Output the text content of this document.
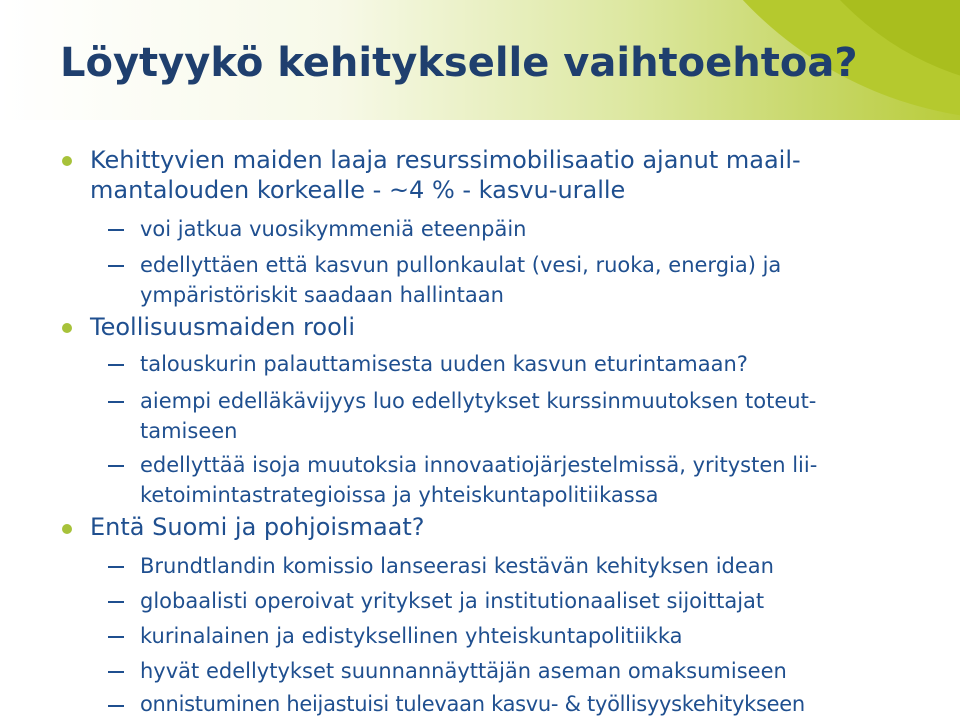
Löytyykö kehitykselle vaihtoehtoa?

Kehittyvien maiden laaja resurssimobilisaatio ajanut maail-
mantalouden korkealle - ~4 % - kasvu-uralle

voi jatkua vuosikymmeniä eteenpäin

edellyttäen että kasvun pullonkaulat (vesi, ruoka, energia) ja
ympäristöriskit saadaan hallintaan

Teollisuusmaiden rooli

talouskurin palauttamisesta uuden kasvun eturintamaan?

aiempi edelläkävijyys luo edellytykset kurssinmuutoksen toteut-
tamiseen

edellyttää isoja muutoksia innovaatiojärjestelmissä, yritysten lii-
ketoimintastrategioissa ja yhteiskuntapolitiikassa

Entä Suomi ja pohjoismaat?

Brundtlandin komissio lanseerasi kestävän kehityksen idean

globaalisti operoivat yritykset ja institutionaaliset sijoittajat

kurinalainen ja edistyksellinen yhteiskuntapolitiikka

hyvät edellytykset suunnannäyttäjän aseman omaksumiseen

onnistuminen heijastuisi tulevaan kasvu- & työllisyyskehitykseen
